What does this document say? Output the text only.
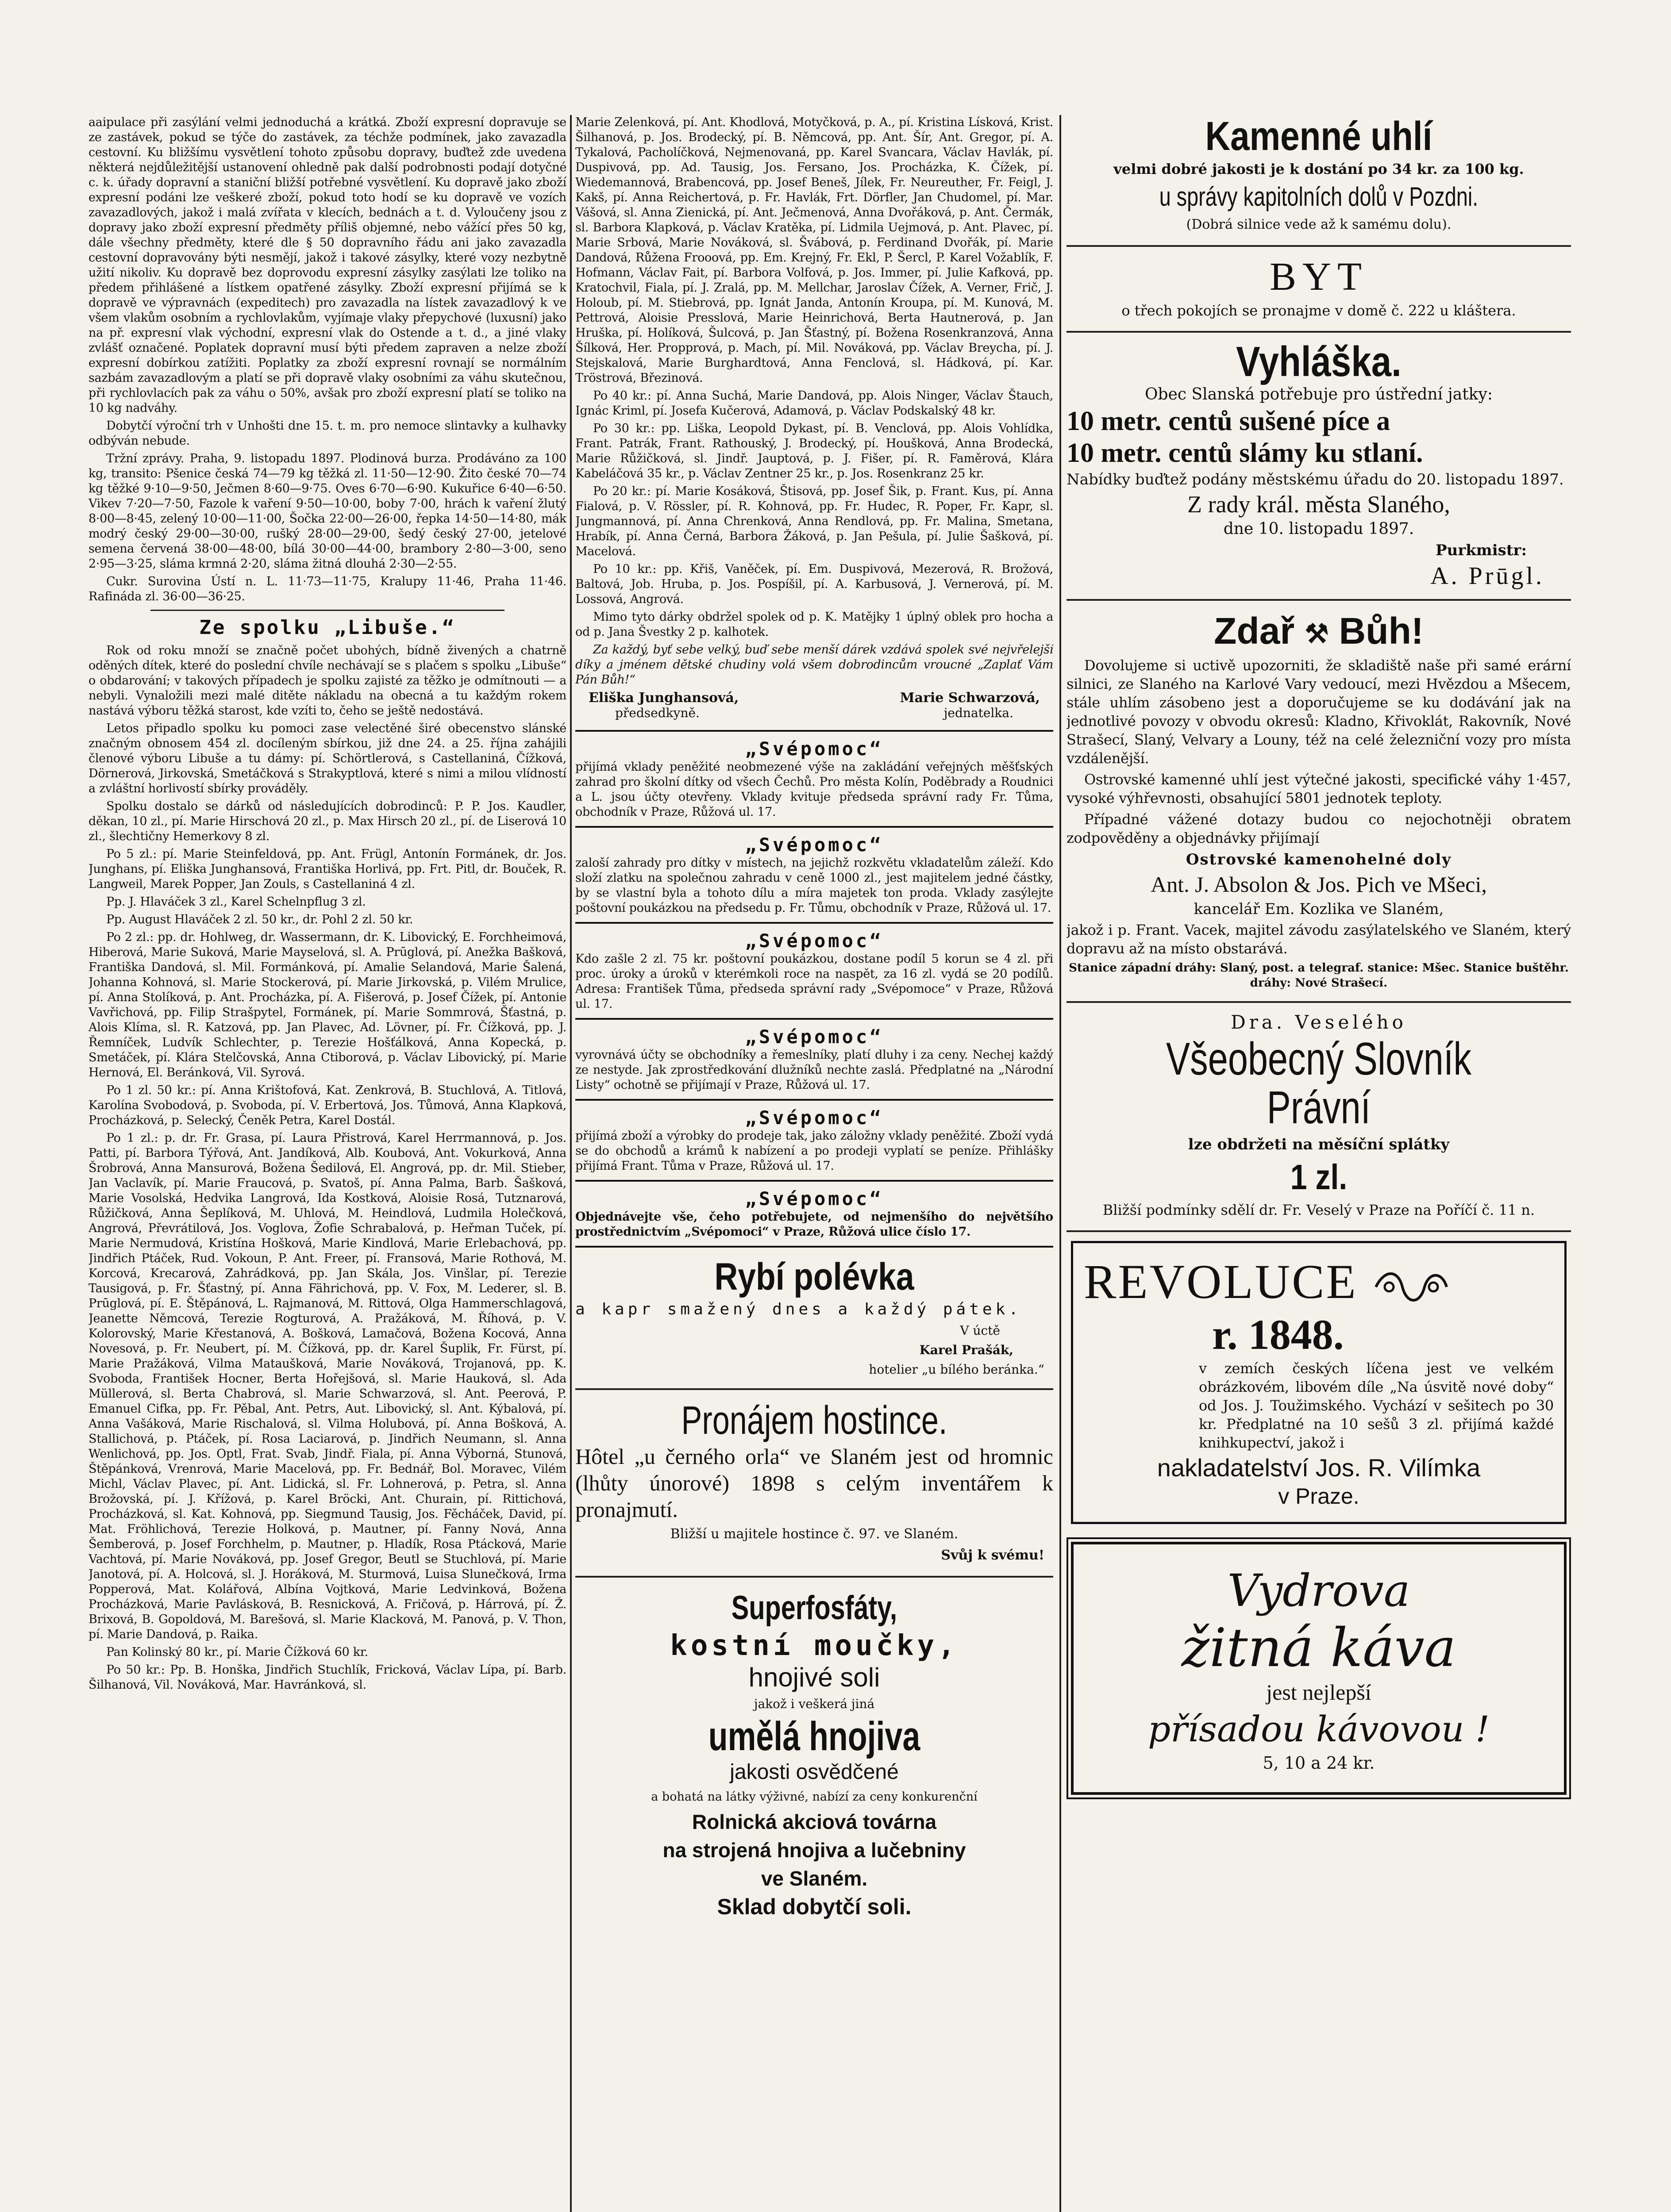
aaipulace při zasýlání velmi jednoduchá a krátká. Zboží expresní dopravuje se ze zastávek, pokud se týče do zastávek, za téchže podmínek, jako zavazadla cestovní. Ku bližšímu vysvětlení tohoto způsobu dopravy, buďtež zde uvedena některá nejdůležitější ustanovení ohledně pak další podrobnosti podají dotyčné c. k. úřady dopravní a staniční bližší potřebné vysvětlení. Ku dopravě jako zboží expresní podáni lze veškeré zboží, pokud toto hodí se ku dopravě ve vozích zavazadlových, jakož i malá zvířata v klecích, bednách a t. d. Vyloučeny jsou z dopravy jako zboží expresní předměty příliš objemné, nebo vážící přes 50 kg, dále všechny předměty, které dle § 50 dopravního řádu ani jako zavazadla cestovní dopravovány býti nesmějí, jakož i takové zásylky, které vozy nezbytně užití nikoliv. Ku dopravě bez doprovodu expresní zásylky zasýlati lze toliko na předem přihlášené a lístkem opatřené zásylky. Zboží expresní přijímá se k dopravě ve výpravnách (expeditech) pro zavazadla na lístek zavazadlový k ve všem vlakům osobním a rychlovlakům, vyjímaje vlaky přepychové (luxusní) jako na př. expresní vlak východní, expresní vlak do Ostende a t. d., a jiné vlaky zvlášť označené. Poplatek dopravní musí býti předem zapraven a nelze zboží expresní dobírkou zatížiti. Poplatky za zboží expresní rovnají se normálním sazbám zavazadlovým a platí se při dopravě vlaky osobními za váhu skutečnou, při rychlovlacích pak za váhu o 50%, avšak pro zboží expresní platí se toliko na 10 kg nadváhy.

Dobytčí výroční trh v Unhošti dne 15. t. m. pro nemoce slintavky a kulhavky odbýván nebude.

Tržní zprávy. Praha, 9. listopadu 1897. Plodinová burza. Prodáváno za 100 kg, transito: Pšenice česká 74—79 kg těžká zl. 11·50—12·90. Žito české 70—74 kg těžké 9·10—9·50, Ječmen 8·60—9·75. Oves 6·70—6·90. Kukuřice 6·40—6·50. Vikev 7·20—7·50, Fazole k vaření 9·50—10·00, boby 7·00, hrách k vaření žlutý 8·00—8·45, zelený 10·00—11·00, Šočka 22·00—26·00, řepka 14·50—14·80, mák modrý český 29·00—30·00, rušký 28·00—29·00, šedý český 27·00, jetelové semena červená 38·00—48·00, bílá 30·00—44·00, brambory 2·80—3·00, seno 2·95—3·25, sláma krmná 2·20, sláma žitná dlouhá 2·30—2·55.

Cukr. Surovina Ústí n. L. 11·73—11·75, Kralupy 11·46, Praha 11·46. Rafináda zl. 36·00—36·25.

Ze spolku „Libuše.“

Rok od roku množí se značně počet ubohých, bídně živených a chatrně oděných dítek, které do poslední chvíle nechávají se s plačem s spolku „Libuše“ o obdarování; v takových případech je spolku zajisté za těžko je odmítnouti — a nebyli. Vynaložili mezi malé ditěte nákladu na obecná a tu každým rokem nastává výboru těžká starost, kde vzíti to, čeho se ještě nedostává.

Letos připadlo spolku ku pomoci zase velectěné širé obecenstvo slánské značným obnosem 454 zl. docíleným sbírkou, již dne 24. a 25. října zahájili členové výboru Libuše a tu dámy: pí. Schörtlerová, s Castellaniná, Čížková, Dörnerová, Jirkovská, Smetáčková s Strakyptlová, které s nimi a milou vlídností a zvláštní horlivostí sbírky prováděly.

Spolku dostalo se dárků od následujících dobrodinců: P. P. Jos. Kaudler, děkan, 10 zl., pí. Marie Hirschová 20 zl., p. Max Hirsch 20 zl., pí. de Liserová 10 zl., šlechtičny Hemerkovy 8 zl.

Po 5 zl.: pí. Marie Steinfeldová, pp. Ant. Frügl, Antonín Formánek, dr. Jos. Junghans, pí. Eliška Junghansová, Františka Horlivá, pp. Frt. Pitl, dr. Bouček, R. Langweil, Marek Popper, Jan Zouls, s Castellaniná 4 zl.

Pp. J. Hlaváček 3 zl., Karel Schelnpflug 3 zl.

Pp. August Hlaváček 2 zl. 50 kr., dr. Pohl 2 zl. 50 kr.

Po 2 zl.: pp. dr. Hohlweg, dr. Wassermann, dr. K. Libovický, E. Forchheimová, Hiberová, Marie Suková, Marie Mayselová, sl. A. Prūglová, pí. Anežka Bašková, Františka Dandová, sl. Mil. Formánková, pí. Amalie Selandová, Marie Šalená, Johanna Kohnová, sl. Marie Stockerová, pí. Marie Jirkovská, p. Vilém Mrulice, pí. Anna Stolíková, p. Ant. Procházka, pí. A. Fišerová, p. Josef Čížek, pí. Antonie Vavřichová, pp. Filip Strašpytel, Formánek, pí. Marie Sommrová, Šťastná, p. Alois Klíma, sl. R. Katzová, pp. Jan Plavec, Ad. Lövner, pí. Fr. Čížková, pp. J. Řemníček, Ludvík Schlechter, p. Terezie Hošťálková, Anna Kopecká, p. Smetáček, pí. Klára Stelčovská, Anna Ctiborová, p. Václav Libovický, pí. Marie Hernová, El. Beránková, Vil. Syrová.

Po 1 zl. 50 kr.: pí. Anna Krištofová, Kat. Zenkrová, B. Stuchlová, A. Titlová, Karolína Svobodová, p. Svoboda, pí. V. Erbertová, Jos. Tůmová, Anna Klapková, Procházková, p. Selecký, Čeněk Petra, Karel Dostál.

Po 1 zl.: p. dr. Fr. Grasa, pí. Laura Přistrová, Karel Herrmannová, p. Jos. Patti, pí. Barbora Týřová, Ant. Jandíková, Alb. Koubová, Ant. Vokurková, Anna Šrobrová, Anna Mansurová, Božena Šedilová, El. Angrová, pp. dr. Mil. Stieber, Jan Vaclavík, pí. Marie Fraucová, p. Svatoš, pí. Anna Palma, Barb. Šašková, Marie Vosolská, Hedvika Langrová, Ida Kostková, Aloisie Rosá, Tutznarová, Růžičková, Anna Šeplíková, M. Uhlová, M. Heindlová, Ludmila Holečková, Angrová, Převrátilová, Jos. Voglova, Žofie Schrabalová, p. Heřman Tuček, pí. Marie Nermudová, Kristína Hošková, Marie Kindlová, Marie Erlebachová, pp. Jindřich Ptáček, Rud. Vokoun, P. Ant. Freer, pí. Fransová, Marie Rothová, M. Korcová, Krecarová, Zahrádková, pp. Jan Skála, Jos. Vinšlar, pí. Terezie Tausigová, p. Fr. Šťastný, pí. Anna Fährichová, pp. V. Fox, M. Lederer, sl. B. Prūglová, pí. E. Štěpánová, L. Rajmanová, M. Rittová, Olga Hammerschlagová, Jeanette Němcová, Terezie Rogturová, A. Pražáková, M. Říhová, p. V. Kolorovský, Marie Křestanová, A. Bošková, Lamačová, Božena Kocová, Anna Novesová, p. Fr. Neubert, pí. M. Čížková, pp. dr. Karel Šuplik, Fr. Fürst, pí. Marie Pražáková, Vilma Mataušková, Marie Nováková, Trojanová, pp. K. Svoboda, František Hocner, Berta Hořejšová, sl. Marie Hauková, sl. Ada Müllerová, sl. Berta Chabrová, sl. Marie Schwarzová, sl. Ant. Peerová, P. Emanuel Cifka, pp. Fr. Pěbal, Ant. Petrs, Aut. Libovický, sl. Ant. Kýbalová, pí. Anna Vašáková, Marie Rischalová, sl. Vilma Holubová, pí. Anna Bošková, A. Stallichová, p. Ptáček, pí. Rosa Laciarová, p. Jindřich Neumann, sl. Anna Wenlichová, pp. Jos. Optl, Frat. Svab, Jindř. Fiala, pí. Anna Výborná, Stunová, Štěpánková, Vrenrová, Marie Macelová, pp. Fr. Bednář, Bol. Moravec, Vilém Michl, Václav Plavec, pí. Ant. Lidická, sl. Fr. Lohnerová, p. Petra, sl. Anna Brožovská, pí. J. Křížová, p. Karel Bröcki, Ant. Churain, pí. Rittichová, Procházková, sl. Kat. Kohnová, pp. Siegmund Tausig, Jos. Fěcháček, David, pí. Mat. Fröhlichová, Terezie Holková, p. Mautner, pí. Fanny Nová, Anna Šemberová, p. Josef Forchhelm, p. Mautner, p. Hladík, Rosa Ptácková, Marie Vachtová, pí. Marie Nováková, pp. Josef Gregor, Beutl se Stuchlová, pí. Marie Janotová, pí. A. Holcová, sl. J. Horáková, M. Sturmová, Luisa Slunečková, Irma Popperová, Mat. Kolářová, Albína Vojtková, Marie Ledvinková, Božena Procházková, Marie Pavlásková, B. Resnicková, A. Fričová, p. Hárrová, pí. Ž. Brixová, B. Gopoldová, M. Barešová, sl. Marie Klacková, M. Panová, p. V. Thon, pí. Marie Dandová, p. Raika.

Pan Kolinský 80 kr., pí. Marie Čížková 60 kr.

Po 50 kr.: Pp. B. Honška, Jindřich Stuchlík, Fricková, Václav Lípa, pí. Barb. Šilhanová, Vil. Nováková, Mar. Havránková, sl.

Marie Zelenková, pí. Ant. Khodlová, Motyčková, p. A., pí. Kristina Lísková, Krist. Šilhanová, p. Jos. Brodecký, pí. B. Němcová, pp. Ant. Šír, Ant. Gregor, pí. A. Tykalová, Pacholíčková, Nejmenovaná, pp. Karel Svancara, Václav Havlák, pí. Duspivová, pp. Ad. Tausig, Jos. Fersano, Jos. Procházka, K. Čížek, pí. Wiedemannová, Brabencová, pp. Josef Beneš, Jílek, Fr. Neureuther, Fr. Feigl, J. Kakš, pí. Anna Reichertová, p. Fr. Havlák, Frt. Dörfler, Jan Chudomel, pí. Mar. Vášová, sl. Anna Zienická, pí. Ant. Ječmenová, Anna Dvořáková, p. Ant. Čermák, sl. Barbora Klapková, p. Václav Kratěka, pí. Lidmila Uejmová, p. Ant. Plavec, pí. Marie Srbová, Marie Nováková, sl. Švábová, p. Ferdinand Dvořák, pí. Marie Dandová, Růžena Frooová, pp. Em. Krejný, Fr. Ekl, P. Šercl, P. Karel Vožablík, F. Hofmann, Václav Fait, pí. Barbora Volfová, p. Jos. Immer, pí. Julie Kafková, pp. Kratochvil, Fiala, pí. J. Zralá, pp. M. Mellchar, Jaroslav Čížek, A. Verner, Frič, J. Holoub, pí. M. Stiebrová, pp. Ignát Janda, Antonín Kroupa, pí. M. Kunová, M. Pettrová, Aloisie Presslová, Marie Heinrichová, Berta Hautnerová, p. Jan Hruška, pí. Holíková, Šulcová, p. Jan Šťastný, pí. Božena Rosenkranzová, Anna Šílková, Her. Propprová, p. Mach, pí. Mil. Nováková, pp. Václav Breycha, pí. J. Stejskalová, Marie Burghardtová, Anna Fenclová, sl. Hádková, pí. Kar. Tröstrová, Březinová.

Po 40 kr.: pí. Anna Suchá, Marie Dandová, pp. Alois Ninger, Václav Štauch, Ignác Kriml, pí. Josefa Kučerová, Adamová, p. Václav Podskalský 48 kr.

Po 30 kr.: pp. Liška, Leopold Dykast, pí. B. Venclová, pp. Alois Vohlídka, Frant. Patrák, Frant. Rathouský, J. Brodecký, pí. Houšková, Anna Brodecká, Marie Růžičková, sl. Jindř. Jauptová, p. J. Fišer, pí. R. Faměrová, Klára Kabeláčová 35 kr., p. Václav Zentner 25 kr., p. Jos. Rosenkranz 25 kr.

Po 20 kr.: pí. Marie Kosáková, Štisová, pp. Josef Šik, p. Frant. Kus, pí. Anna Fialová, p. V. Rössler, pí. R. Kohnová, pp. Fr. Hudec, R. Poper, Fr. Kapr, sl. Jungmannová, pí. Anna Chrenková, Anna Rendlová, pp. Fr. Malina, Smetana, Hrabík, pí. Anna Černá, Barbora Žáková, p. Jan Pešula, pí. Julie Šašková, pí. Macelová.

Po 10 kr.: pp. Křiš, Vaněček, pí. Em. Duspivová, Mezerová, R. Brožová, Baltová, Job. Hruba, p. Jos. Pospíšil, pí. A. Karbusová, J. Vernerová, pí. M. Lossová, Angrová.

Mimo tyto dárky obdržel spolek od p. K. Matějky 1 úplný oblek pro hocha a od p. Jana Švestky 2 p. kalhotek.

Za každý, byť sebe velký, buď sebe menší dárek vzdává spolek své nejvřelejší díky a jménem dětské chudiny volá všem dobrodincům vroucné „Zaplať Vám Pán Bůh!“

Eliška Junghansová,	Marie Schwarzová,
předsedkyně.	jednatelka.
„Svépomoc“

přijímá vklady peněžité neobmezené výše na zakládání veřejných měšťských zahrad pro školní dítky od všech Čechů. Pro města Kolín, Poděbrady a Roudnici a L. jsou účty otevřeny. Vklady kvituje předseda správní rady Fr. Tůma, obchodník v Praze, Růžová ul. 17.

„Svépomoc“

zaloší zahrady pro dítky v místech, na jejichž rozkvětu vkladatelům záleží. Kdo složí zlatku na společnou zahradu v ceně 1000 zl., jest majitelem jedné částky, by se vlastní byla a tohoto dílu a míra majetek ton proda. Vklady zasýlejte poštovní poukázkou na předsedu p. Fr. Tůmu, obchodník v Praze, Růžová ul. 17.

„Svépomoc“

Kdo zašle 2 zl. 75 kr. poštovní poukázkou, dostane podíl 5 korun se 4 zl. při proc. úroky a úroků v kterémkoli roce na naspět, za 16 zl. vydá se 20 podílů. Adresa: František Tůma, předseda správní rady „Svépomoce“ v Praze, Růžová ul. 17.

„Svépomoc“

vyrovnává účty se obchodníky a řemeslníky, platí dluhy i za ceny. Nechej každý ze nestyde. Jak zprostředkování dlužníků nechte zaslá. Předplatné na „Národní Listy“ ochotně se přijímají v Praze, Růžová ul. 17.

„Svépomoc“

přijímá zboží a výrobky do prodeje tak, jako záložny vklady peněžité. Zboží vydá se do obchodů a krámů k nabízení a po prodeji vyplatí se peníze. Přihlášky přijímá Frant. Tůma v Praze, Růžová ul. 17.

„Svépomoc“

Objednávejte vše, čeho potřebujete, od nejmenšího do největšího prostřednictvím „Svépomoci“ v Praze, Růžová ulice číslo 17.

Rybí polévka
a kapr smažený dnes a každý pátek.
V úctě
Karel Prašák,
hotelier „u bílého beránka.“
Pronájem hostince.
Hôtel „u černého orla“ ve Slaném jest od hromnic (lhůty únorové) 1898 s celým inventářem k pronajmutí.
Bližší u majitele hostince č. 97. ve Slaném.
Svůj k svému!
Superfosfáty,
kostní moučky,
hnojivé soli
jakož i veškerá jiná
umělá hnojiva
jakosti osvědčené
a bohatá na látky výživné, nabízí za ceny konkurenční
Rolnická akciová továrna
na strojená hnojiva a lučebniny
ve Slaném.
Sklad dobytčí soli.
Kamenné uhlí
velmi dobré jakosti je k dostání po 34 kr. za 100 kg.
u správy kapitolních dolů v Pozdni.
(Dobrá silnice vede až k samému dolu).
BYT
o třech pokojích se pronajme v domě č. 222 u kláštera.
Vyhláška.
Obec Slanská potřebuje pro ústřední jatky:
10 metr. centů sušené píce a
10 metr. centů slámy ku stlaní.
Nabídky buďtež podány městskému úřadu do 20. listopadu 1897.
Z rady král. města Slaného,
dne 10. listopadu 1897.
Purkmistr:
A. Prūgl.
Zdař ⚒ Bůh!

Dovolujeme si uctivě upozorniti, že skladiště naše při samé erární silnici, ze Slaného na Karlové Vary vedoucí, mezi Hvězdou a Mšecem, stále uhlím zásobeno jest a doporučujeme se ku dodávání jak na jednotlivé povozy v obvodu okresů: Kladno, Křivoklát, Rakovník, Nové Strašecí, Slaný, Velvary a Louny, též na celé železniční vozy pro místa vzdálenější.

Ostrovské kamenné uhlí jest výtečné jakosti, specifické váhy 1·457, vysoké výhřevnosti, obsahující 5801 jednotek teploty.

Případné vážené dotazy budou co nejochotněji obratem zodpověděny a objednávky přijímají

Ostrovské kamenohelné doly
Ant. J. Absolon & Jos. Pich ve Mšeci,
kancelář Em. Kozlika ve Slaném,

jakož i p. Frant. Vacek, majitel závodu zasýlatelského ve Slaném, který dopravu až na místo obstarává.

Stanice západní dráhy: Slaný, post. a telegraf. stanice: Mšec. Stanice buštěhr. dráhy: Nové Strašecí.
Dra. Veselého
Všeobecný Slovník Právní
lze obdržeti na měsíční splátky
1 zl.
Bližší podmínky sdělí dr. Fr. Veselý v Praze na Poříčí č. 11 n.
REVOLUCE
r. 1848.

v zemích českých líčena jest ve velkém obrázkovém, libovém díle „Na úsvitě nové doby“ od Jos. J. Toužimského. Vychází v sešitech po 30 kr. Předplatné na 10 sešů 3 zl. přijímá každé knihkupectví, jakož i

nakladatelství Jos. R. Vilímka
v Praze.
Vydrova
žitná káva
jest nejlepší
přísadou kávovou !
5, 10 a 24 kr.
